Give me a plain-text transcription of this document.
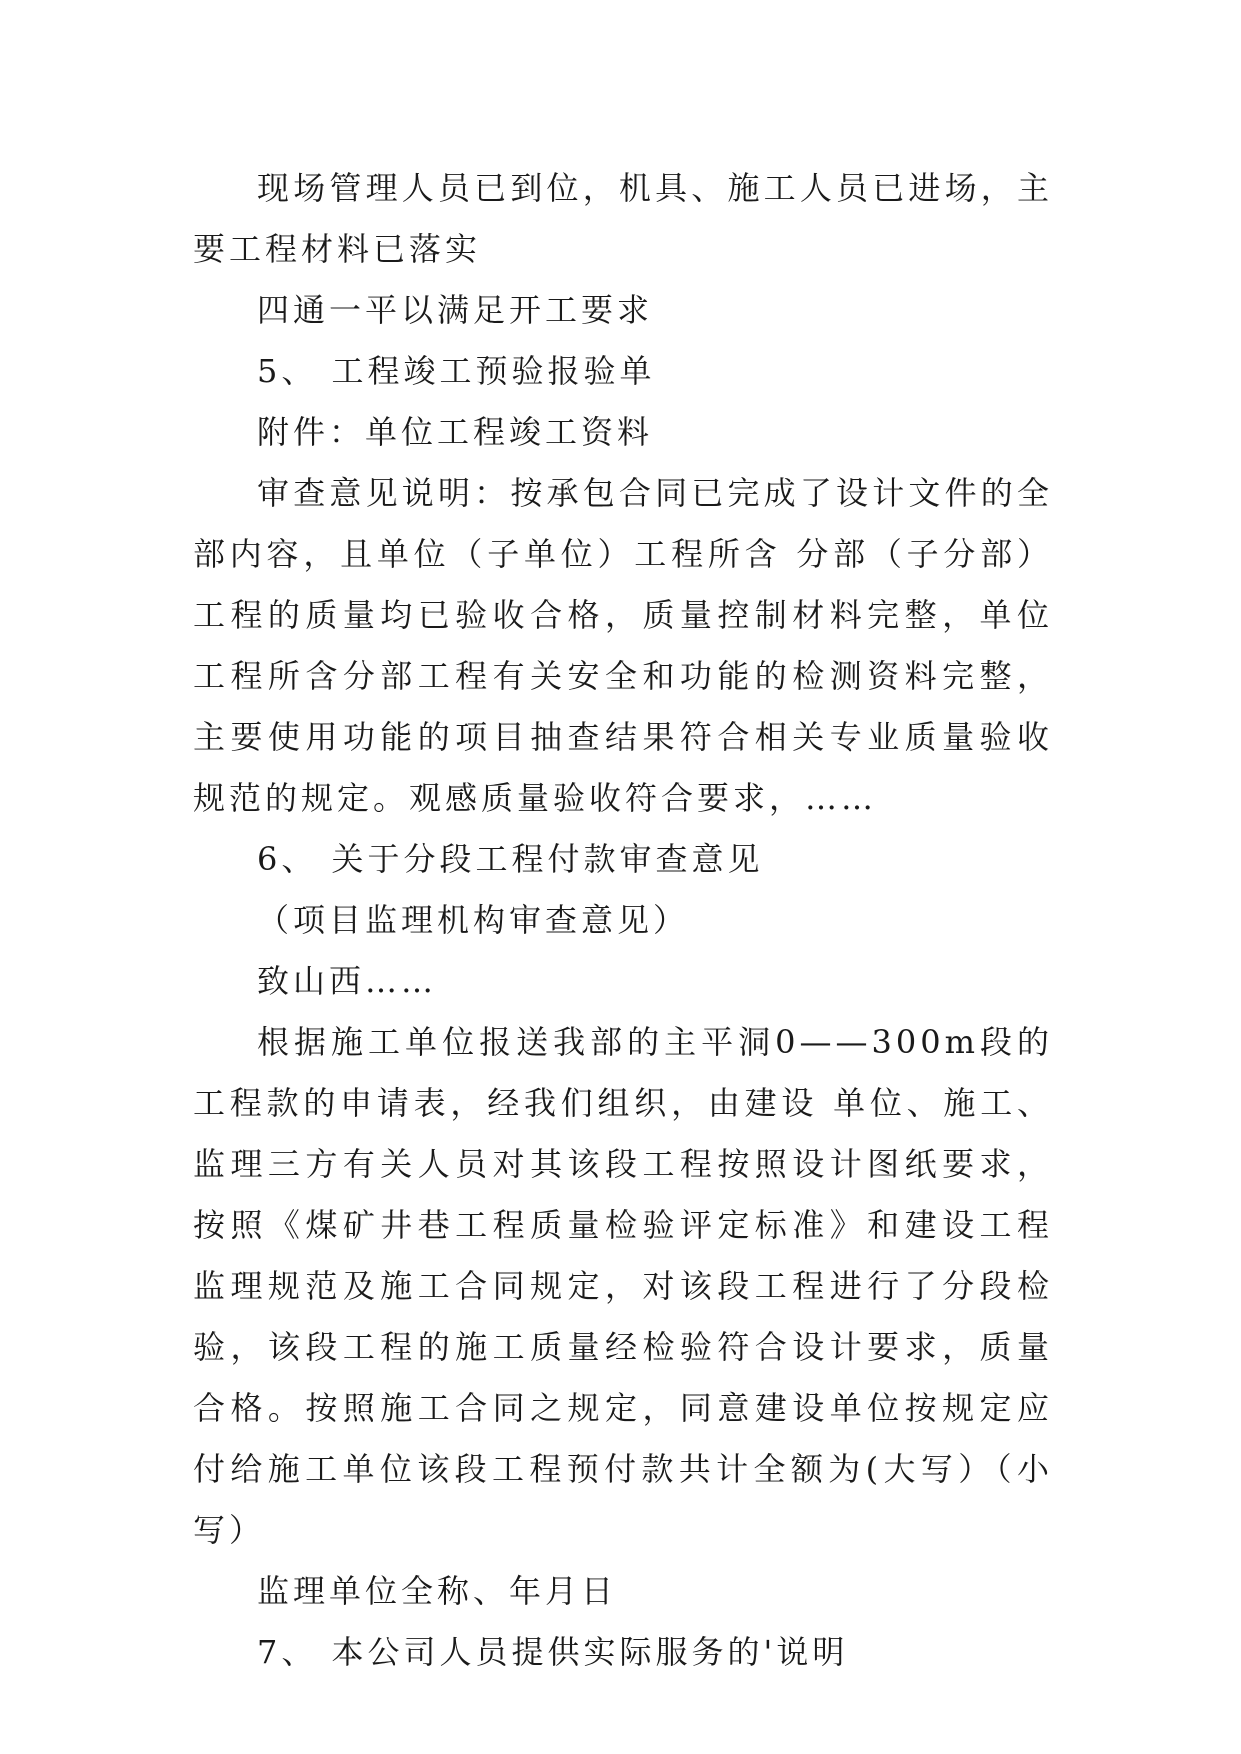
现场管理人员已到位，机具、施工人员已进场，主要工程材料已落实

四通一平以满足开工要求

5、 工程竣工预验报验单

附件：单位工程竣工资料

审查意见说明：按承包合同已完成了设计文件的全部内容，且单位（子单位）工程所含 分部（子分部）工程的质量均已验收合格，质量控制材料完整，单位工程所含分部工程有关安全和功能的检测资料完整，主要使用功能的项目抽查结果符合相关专业质量验收规范的规定。观感质量验收符合要求，……

6、 关于分段工程付款审查意见

（项目监理机构审查意见）

致山西……

根据施工单位报送我部的主平洞0——300m段的工程款的申请表，经我们组织，由建设 单位、施工、监理三方有关人员对其该段工程按照设计图纸要求，按照《煤矿井巷工程质量检验评定标准》和建设工程监理规范及施工合同规定，对该段工程进行了分段检验，该段工程的施工质量经检验符合设计要求，质量合格。按照施工合同之规定，同意建设单位按规定应付给施工单位该段工程预付款共计全额为(大写）（小写）

监理单位全称、年月日

7、 本公司人员提供实际服务的'说明
